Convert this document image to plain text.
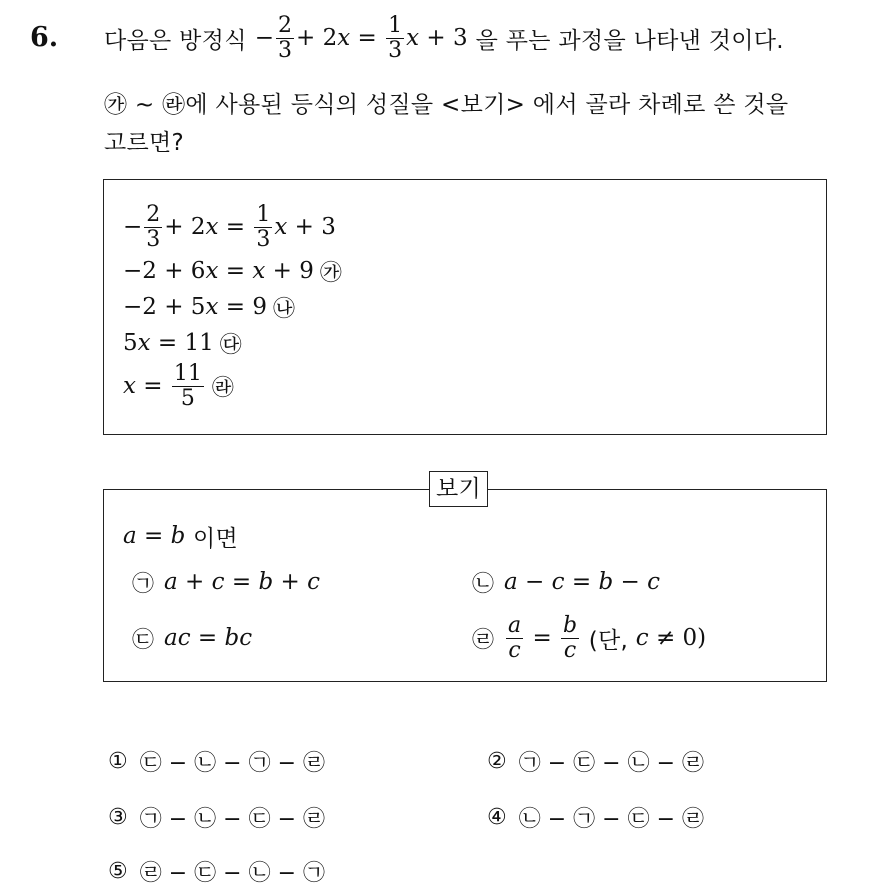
6. 다음은 방정식 − $\frac{2}{3} + 2$ $x = \frac{1}{3}$ x + 3 을 푸는 과정을 나타낸 것이다.
㉮ ~ ㉱에 사용된 등식의 성질을 <보기> 에서 골라 차례로 쓴 것을
고르면?
− $\frac{2}{3} + 2$ $x = \frac{1}{3}$ x + 3
−2 + 6 x = x + 9 ㉮
−2 + 5 x = 9 ㉯
5 x = 11 ㉰
$x = \frac{11}{5}$ ㉱
보기
a = b 이면
㉠ a + c = b + c	㉡ a − c = b − c
㉢ ac = bc	㉣ $\frac{a}{c} = \frac{b}{c}$ (단, c ≠ 0)
① ㉢ − ㉡ − ㉠ − ㉣	② ㉠ − ㉢ − ㉡ − ㉣
③ ㉠ − ㉡ − ㉢ − ㉣	④ ㉡ − ㉠ − ㉢ − ㉣
⑤ ㉣ − ㉢ − ㉡ − ㉠
